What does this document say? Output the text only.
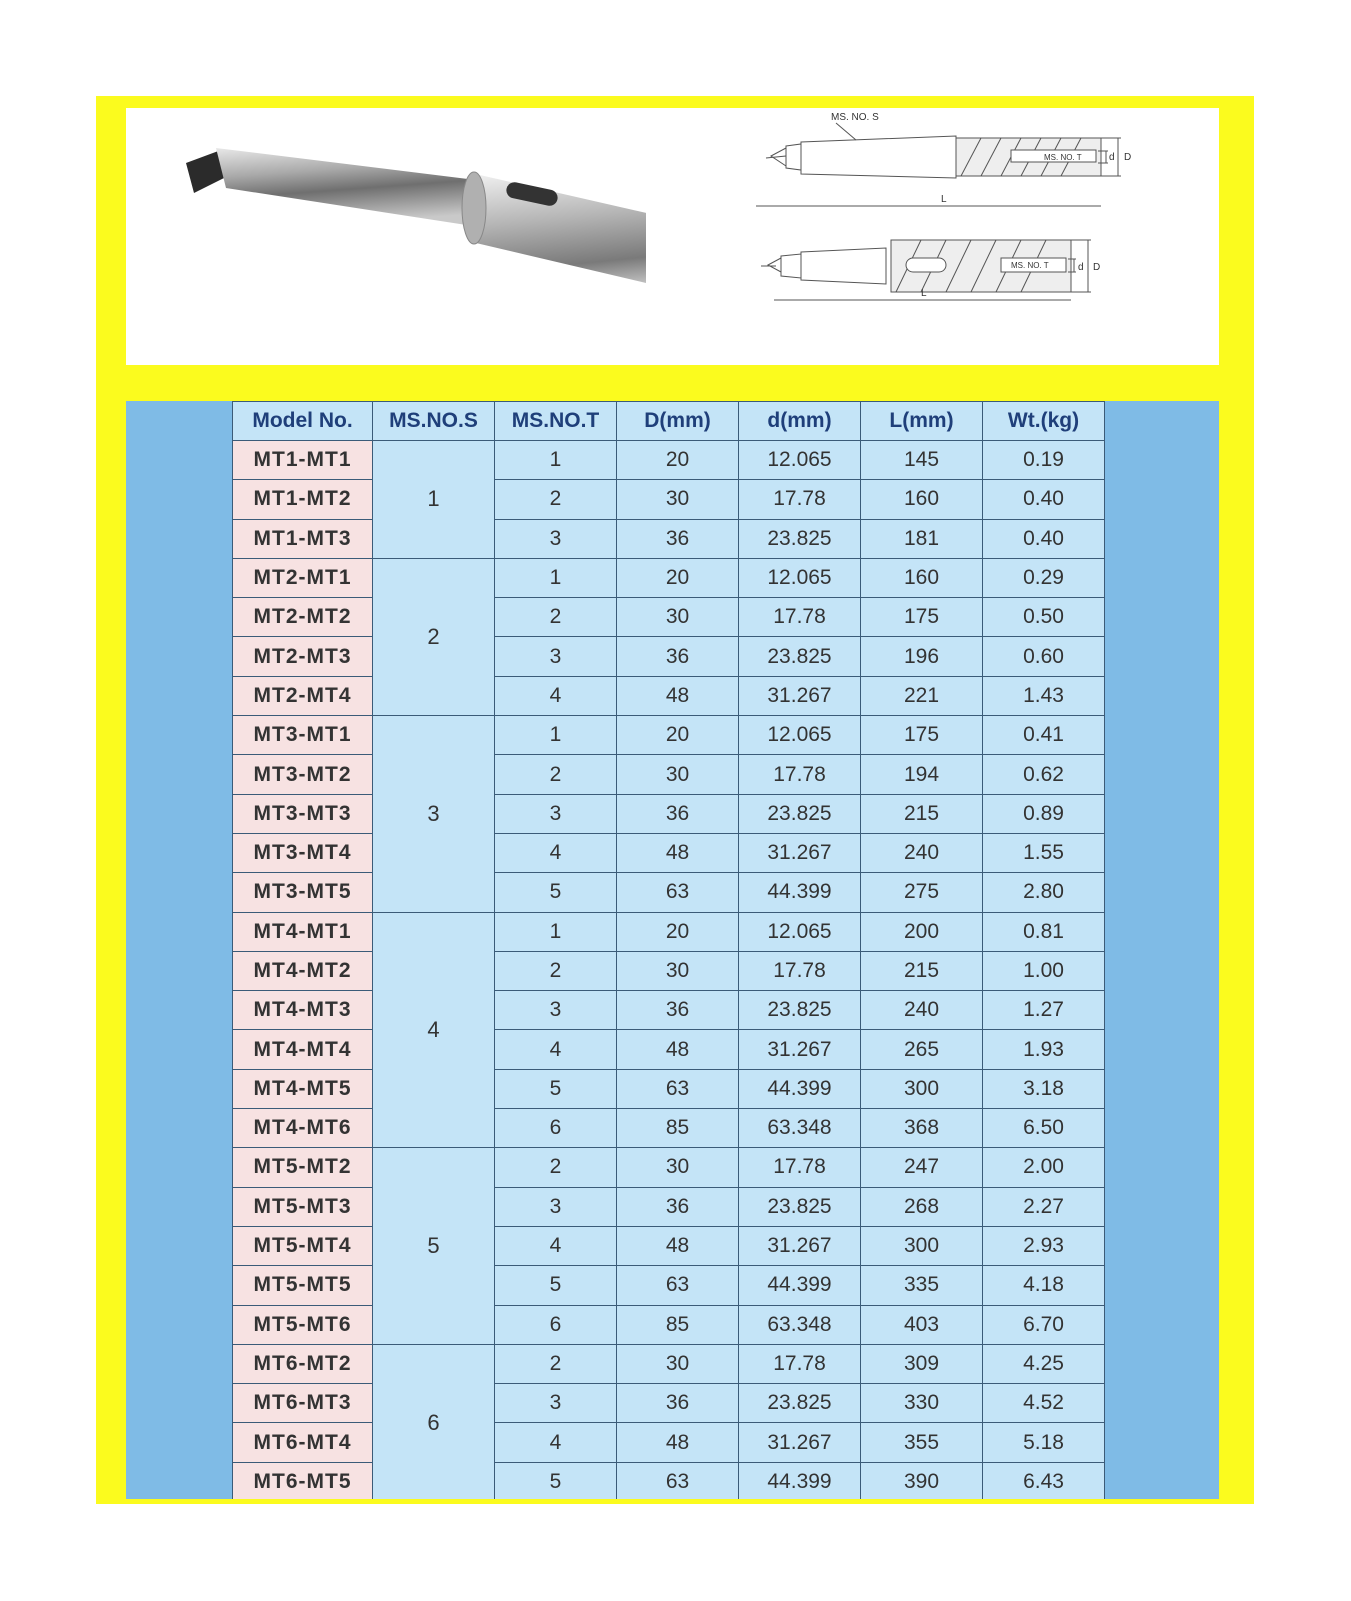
MS. NO. S
MS. NO. T
L
d D
MS. NO. T
L
d D
Model No.	MS.NO.S	MS.NO.T	D(mm)	d(mm)	L(mm)	Wt.(kg)
MT1-MT1	1	1	20	12.065	145	0.19
MT1-MT2		2	30	17.78	160	0.40
MT1-MT3		3	36	23.825	181	0.40
MT2-MT1	2	1	20	12.065	160	0.29
MT2-MT2		2	30	17.78	175	0.50
MT2-MT3		3	36	23.825	196	0.60
MT2-MT4		4	48	31.267	221	1.43
MT3-MT1	3	1	20	12.065	175	0.41
MT3-MT2		2	30	17.78	194	0.62
MT3-MT3		3	36	23.825	215	0.89
MT3-MT4		4	48	31.267	240	1.55
MT3-MT5		5	63	44.399	275	2.80
MT4-MT1	4	1	20	12.065	200	0.81
MT4-MT2		2	30	17.78	215	1.00
MT4-MT3		3	36	23.825	240	1.27
MT4-MT4		4	48	31.267	265	1.93
MT4-MT5		5	63	44.399	300	3.18
MT4-MT6		6	85	63.348	368	6.50
MT5-MT2	5	2	30	17.78	247	2.00
MT5-MT3		3	36	23.825	268	2.27
MT5-MT4		4	48	31.267	300	2.93
MT5-MT5		5	63	44.399	335	4.18
MT5-MT6		6	85	63.348	403	6.70
MT6-MT2	6	2	30	17.78	309	4.25
MT6-MT3		3	36	23.825	330	4.52
MT6-MT4		4	48	31.267	355	5.18
MT6-MT5		5	63	44.399	390	6.43
